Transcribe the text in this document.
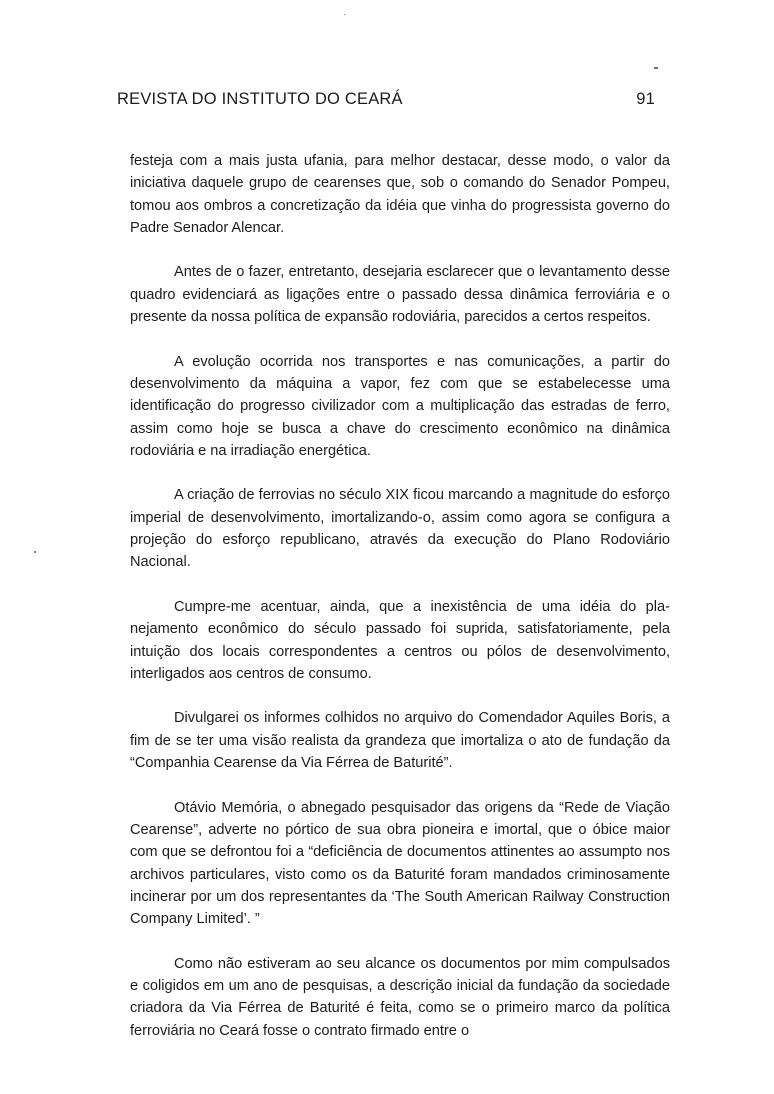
REVISTA DO INSTITUTO DO CEARÁ	91

festeja com a mais justa ufania, para melhor destacar, desse modo, o valor da iniciativa daquele grupo de cearenses que, sob o comando do Senador Pompeu, tomou aos ombros a concretização da idéia que vinha do progressista governo do Padre Senador Alencar.

Antes de o fazer, entretanto, desejaria esclarecer que o levantamento desse quadro evidenciará as ligações entre o passado dessa dinâmica ferroviária e o presente da nossa política de expansão rodoviária, parecidos a certos respeitos.

A evolução ocorrida nos transportes e nas comunicações, a partir do desenvolvimento da máquina a vapor, fez com que se estabelecesse uma identificação do progresso civilizador com a multiplicação das estradas de ferro, assim como hoje se busca a chave do crescimento econômico na dinâmica rodoviária e na irradiação energética.

A criação de ferrovias no século XIX ficou marcando a magnitude do esforço imperial de desenvolvimento, imortalizando-o, assim como agora se configura a projeção do esforço republicano, através da execução do Plano Rodoviário Nacional.

Cumpre-me acentuar, ainda, que a inexistência de uma idéia do planejamento econômico do século passado foi suprida, satisfatoriamente, pela intuição dos locais correspondentes a centros ou pólos de desenvolvimento, interligados aos centros de consumo.

Divulgarei os informes colhidos no arquivo do Comendador Aquiles Boris, a fim de se ter uma visão realista da grandeza que imortaliza o ato de fundação da “Companhia Cearense da Via Férrea de Baturité”.

Otávio Memória, o abnegado pesquisador das origens da “Rede de Viação Cearense”, adverte no pórtico de sua obra pioneira e imortal, que o óbice maior com que se defrontou foi a “deficiência de documentos attinentes ao assumpto nos archivos particulares, visto como os da Baturité foram mandados criminosamente incinerar por um dos representantes da ‘The South American Railway Construction Company Limited’. ”

Como não estiveram ao seu alcance os documentos por mim compulsados e coligidos em um ano de pesquisas, a descrição inicial da fundação da sociedade criadora da Via Férrea de Baturité é feita, como se o primeiro marco da política ferroviária no Ceará fosse o contrato firmado entre o
